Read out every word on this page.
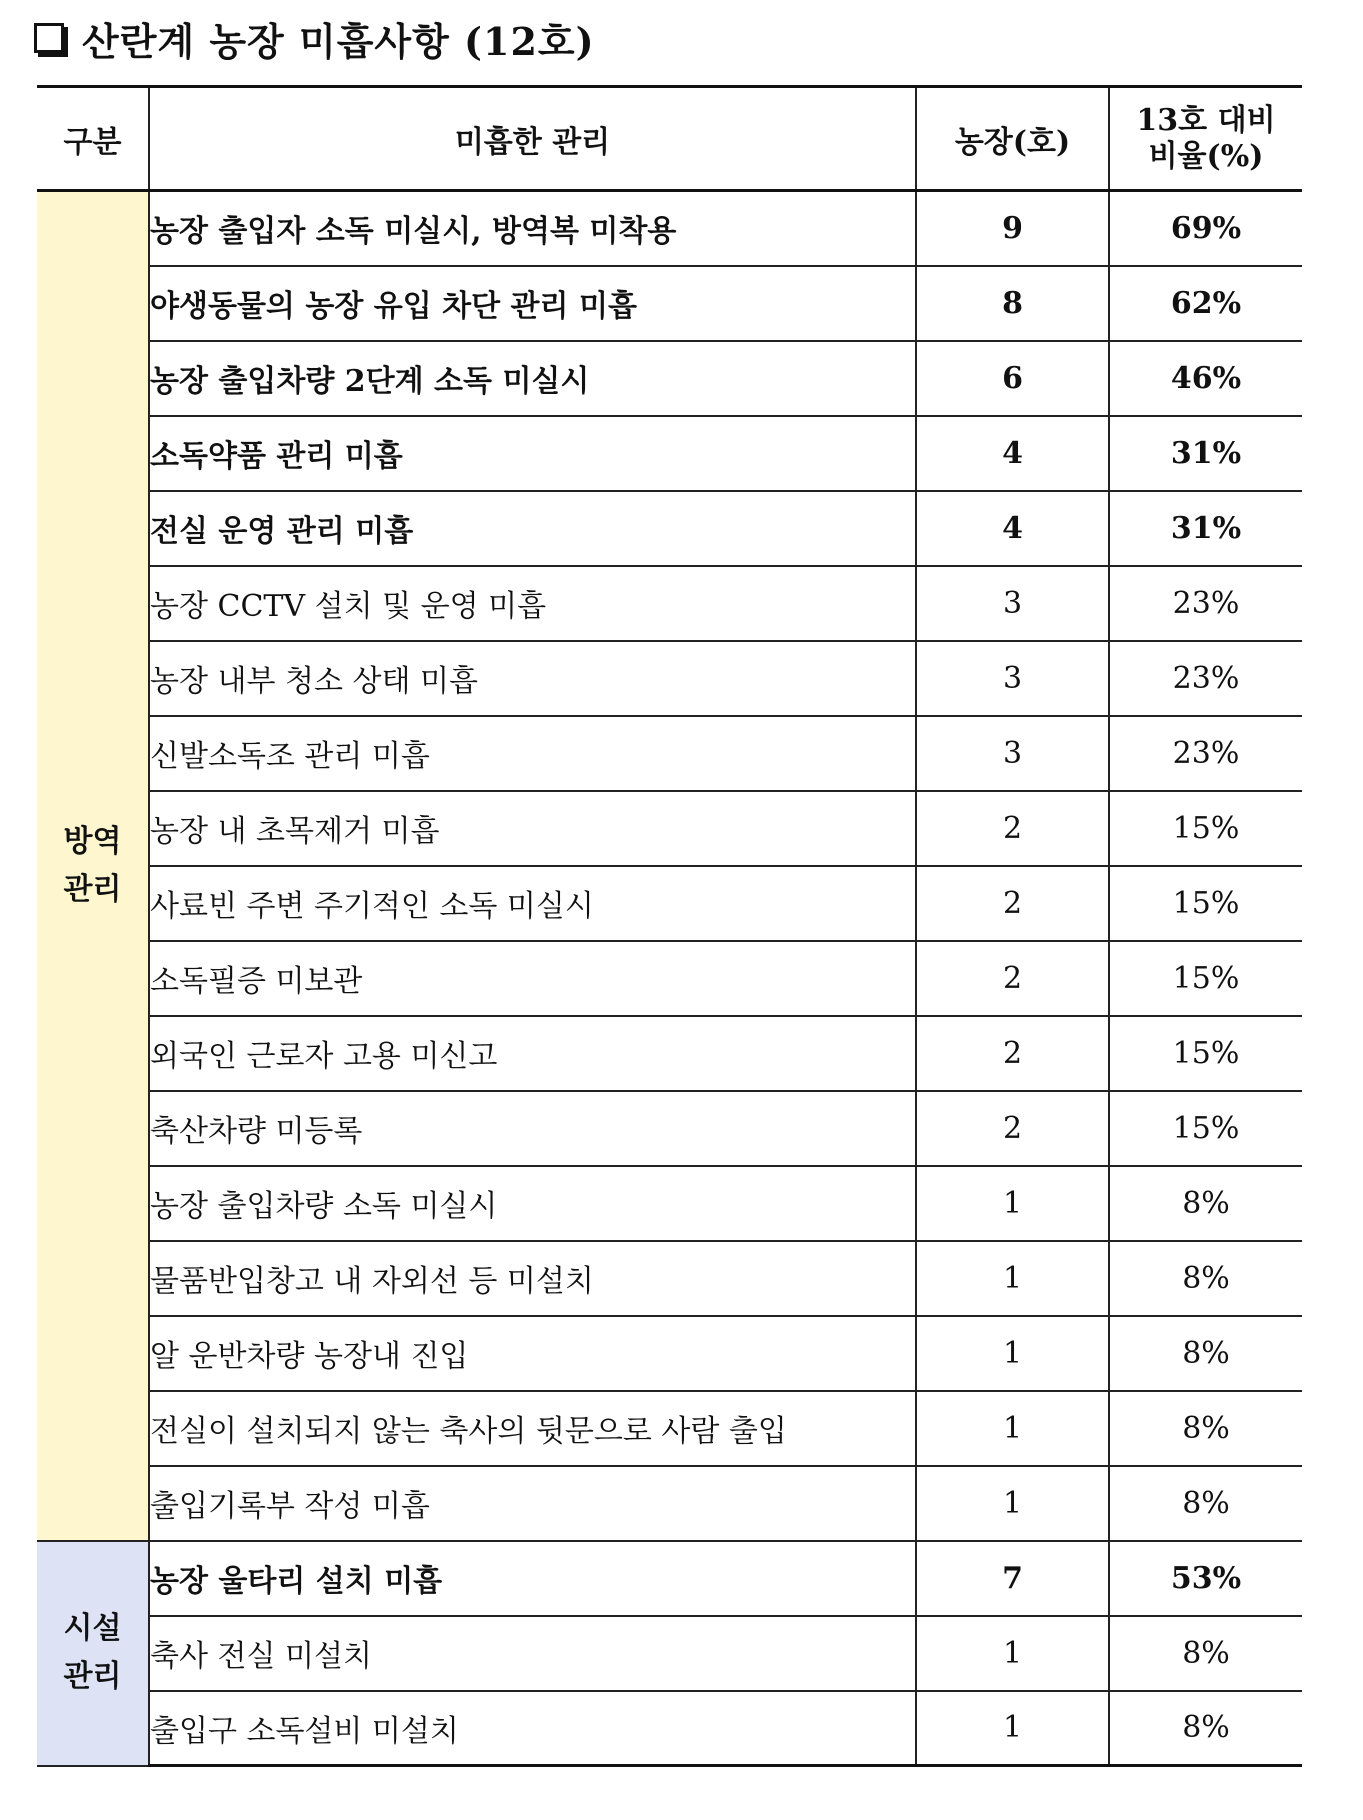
산란계 농장 미흡사항 (12호)
구분	미흡한 관리	농장(호)	13호 대비
비율(%)

방역
관리	농장 출입자 소독 미실시, 방역복 미착용	9	69%
	야생동물의 농장 유입 차단 관리 미흡	8	62%
	농장 출입차량 2단계 소독 미실시	6	46%
	소독약품 관리 미흡	4	31%
	전실 운영 관리 미흡	4	31%
	농장 CCTV 설치 및 운영 미흡	3	23%
	농장 내부 청소 상태 미흡	3	23%
	신발소독조 관리 미흡	3	23%
	농장 내 초목제거 미흡	2	15%
	사료빈 주변 주기적인 소독 미실시	2	15%
	소독필증 미보관	2	15%
	외국인 근로자 고용 미신고	2	15%
	축산차량 미등록	2	15%
	농장 출입차량 소독 미실시	1	8%
	물품반입창고 내 자외선 등 미설치	1	8%
	알 운반차량 농장내 진입	1	8%
	전실이 설치되지 않는 축사의 뒷문으로 사람 출입	1	8%
	출입기록부 작성 미흡	1	8%

시설
관리	농장 울타리 설치 미흡	7	53%
	축사 전실 미설치	1	8%
	출입구 소독설비 미설치	1	8%
